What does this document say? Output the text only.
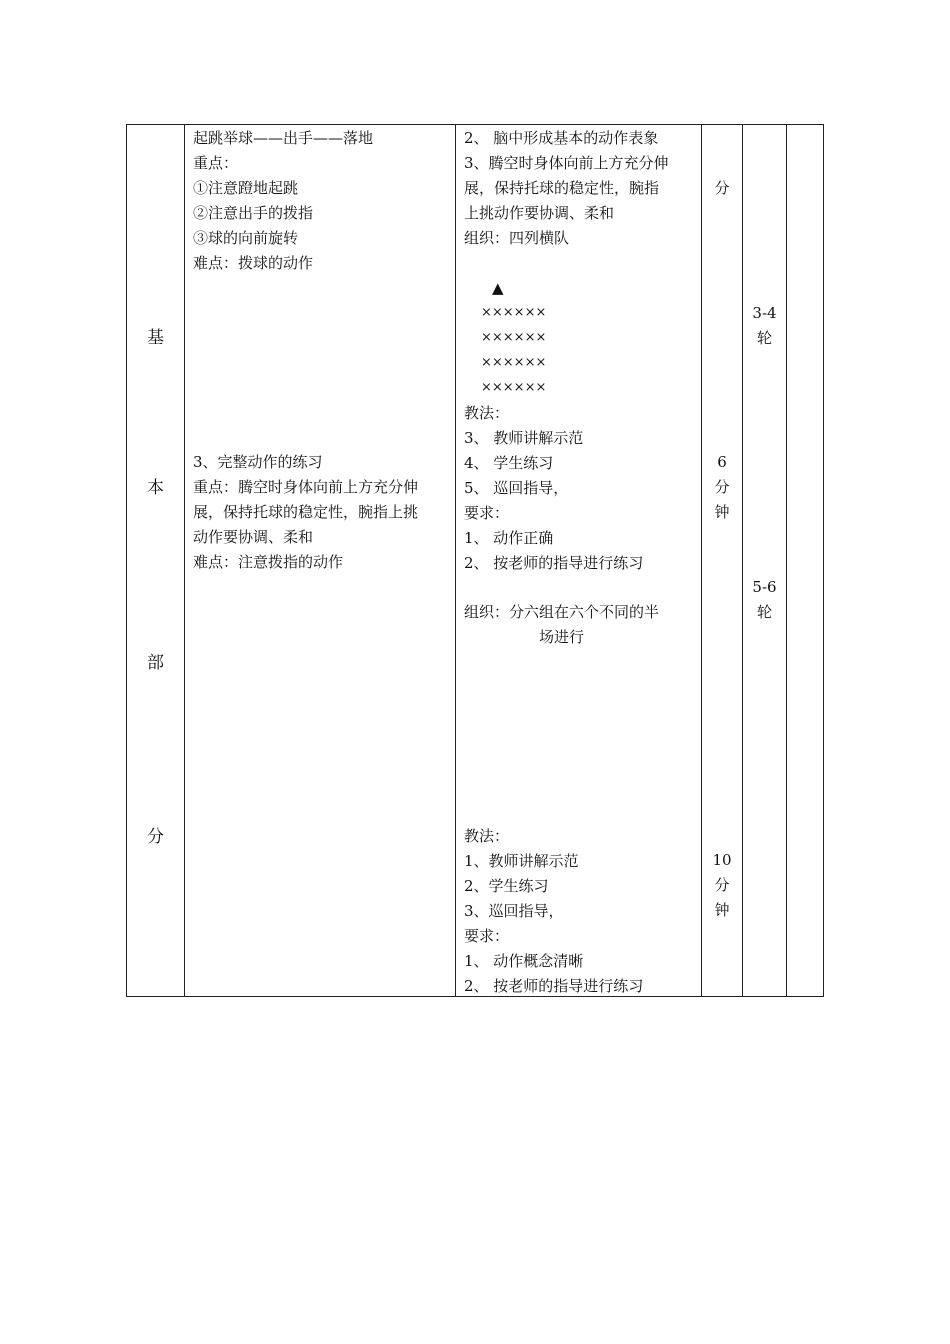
基
本
部
分
起跳举球——出手——落地
重点：
①注意蹬地起跳
②注意出手的拨指
③球的向前旋转
难点：拨球的动作
3、完整动作的练习
重点：腾空时身体向前上方充分伸
展，保持托球的稳定性，腕指上挑
动作要协调、柔和
难点：注意拨指的动作
2、 脑中形成基本的动作表象
3、腾空时身体向前上方充分伸
展，保持托球的稳定性，腕指
上挑动作要协调、柔和
组织：四列横队
▲
××××××
××××××
××××××
××××××
教法：
3、 教师讲解示范
4、 学生练习
5、 巡回指导，
要求：
1、 动作正确
2、 按老师的指导进行练习
组织：分六组在六个不同的半
场进行
教法：
1、教师讲解示范
2、学生练习
3、巡回指导，
要求：
1、 动作概念清晰
2、 按老师的指导进行练习
分
6
分
钟
10
分
钟
3-4
轮
5-6
轮
